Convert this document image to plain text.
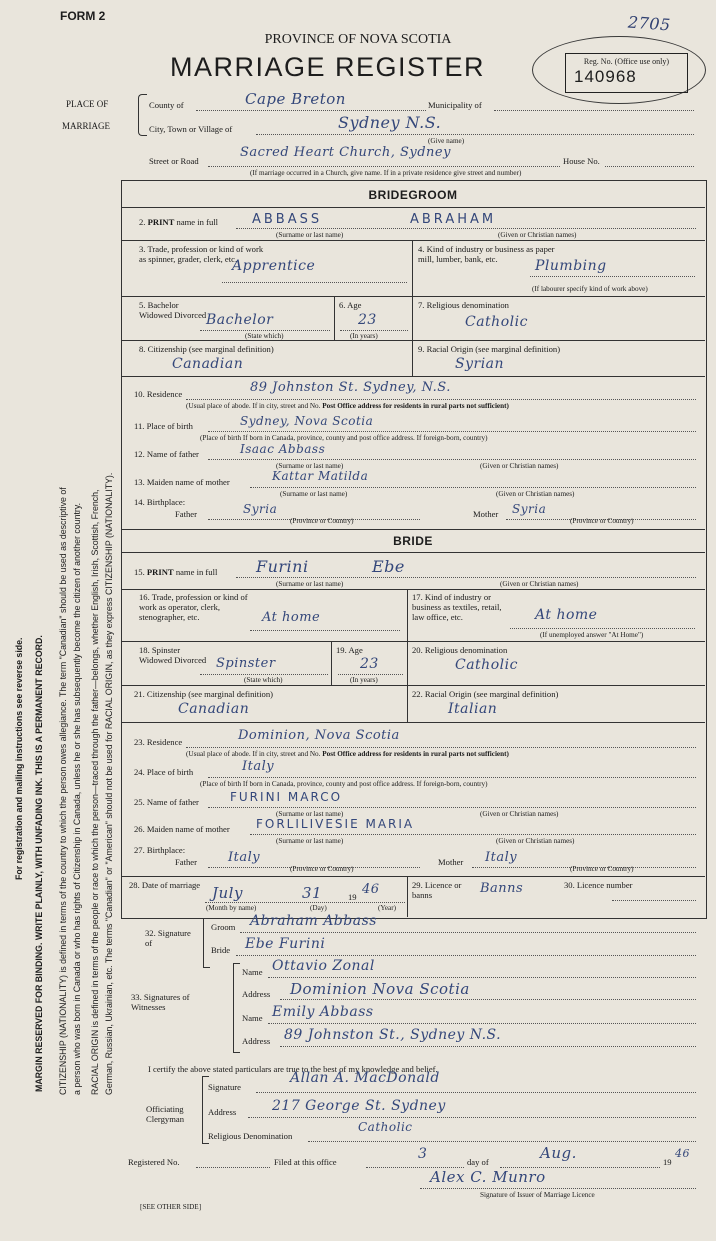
For registration and mailing instructions see reverse side. MARGIN RESERVED FOR BINDING. WRITE PLAINLY, WITH UNFADING INK. THIS IS A PERMANENT RECORD. CITIZENSHIP (NATIONALITY) is defined in terms of the country to which the person owes allegiance. The term "Canadian" should be used as descriptive of a person who was born in Canada or who has rights of Citizenship in Canada, unless he or she has subsequently become the citizen of another country. RACIAL ORIGIN is defined in terms of the people or race to which the person—traced through the father—belongs, whether English, Irish, Scottish, French, German, Russian, Ukrainian, etc. The terms "Canadian" or "American" should not be used for RACIAL ORIGIN, as they express CITIZENSHIP (NATIONALITY).
FORM 2	2705
PROVINCE OF NOVA SCOTIA
MARRIAGE REGISTER	Reg. No. (Office use only)
140968
PLACE OF
MARRIAGE
County of	Cape Breton	Municipality of
City, Town or Village of	Sydney N.S.
(Give name)
Street or Road
Sacred Heart Church, Sydney
House No.
(If marriage occurred in a Church, give name. If in a private residence give street and number)
BRIDEGROOM
2. PRINT name in full	ABBASS	ABRAHAM
(Surname or last name)	(Given or Christian names)
3. Trade, profession or kind of work as spinner, grader, clerk, etc.
Apprentice
4. Kind of industry or business as paper mill, lumber, bank, etc.	Plumbing
(If labourer specify kind of work above)
5. Bachelor Widowed Divorced Bachelor
(State which)
6. Age
23
(In years)
7. Religious denomination
Catholic
8. Citizenship (see marginal definition)
Canadian
9. Racial Origin (see marginal definition)
Syrian
10. Residence	89 Johnston St. Sydney, N.S.
(Usual place of abode. If in city, street and No. Post Office address for residents in rural parts not sufficient)
11. Place of birth	Sydney, Nova Scotia
(Place of birth If born in Canada, province, county and post office address. If foreign-born, country)
12. Name of father	Isaac Abbass
(Surname or last name)	(Given or Christian names)
13. Maiden name of mother	Kattar Matilda
(Surname or last name)	(Given or Christian names)
14. Birthplace:
Father	Syria
(Province or Country)
Mother Syria
(Province or Country)
BRIDE
15. PRINT name in full Furini	Ebe
(Surname or last name)	(Given or Christian names)
16. Trade, profession or kind of work as operator, clerk, stenographer, etc.	At home
17. Kind of industry or business as textiles, retail, law office, etc.	At home
(If unemployed answer "At Home")
18. Spinster Widowed Divorced Spinster
(State which)
19. Age
23
(In years)
20. Religious denomination
Catholic
21. Citizenship (see marginal definition)
Canadian
22. Racial Origin (see marginal definition)
Italian
23. Residence	Dominion, Nova Scotia
(Usual place of abode. If in city, street and No. Post Office address for residents in rural parts not sufficient)
24. Place of birth	Italy
(Place of birth If born in Canada, province, county and post office address. If foreign-born, country)
25. Name of father	FURINI MARCO
(Surname or last name)	(Given or Christian names)
26. Maiden name of mother FORLILIVESIE MARIA
(Surname or last name)	(Given or Christian names)
27. Birthplace:
Father Italy
(Province or Country)
Mother Italy
(Province or Country)
28. Date of marriage July	31	19 46
(Month by name)	(Day)	(Year)
29. Licence or banns	Banns	30. Licence number
32. Signature of
Groom Abraham Abbass
Bride Ebe Furini
33. Signatures of Witnesses
Name Ottavio Zonal
Address Dominion Nova Scotia
Name Emily Abbass
Address 89 Johnston St., Sydney N.S.
I certify the above stated particulars are true to the best of my knowledge and belief.
Officiating Clergyman
Signature
Allan A. MacDonald
Address	217 George St. Sydney
Religious Denomination
Catholic
Registered No.	Filed at this office	3	day of	Aug.	19
46
Alex C. Munro
Signature of Issuer of Marriage Licence
[SEE OTHER SIDE]
